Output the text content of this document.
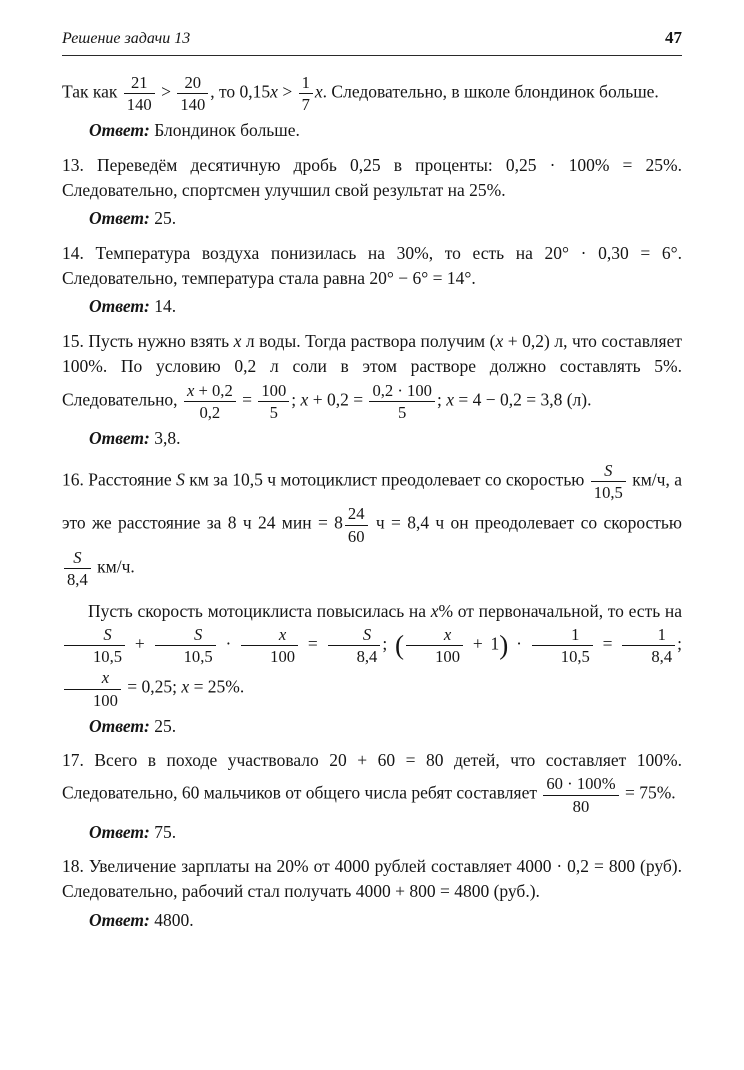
Решение задачи 13	47

Так как $\frac{21}{140} > \frac{20}{140}$ , то $0,15x > \frac{1}{7} x$. Следовательно, в школе блондинок больше.

Ответ: Блондинок больше.

13. Переведём десятичную дробь 0,25 в проценты: 0,25 · 100% = 25%. Следовательно, спортсмен улучшил свой результат на 25%.

Ответ: 25.

14. Температура воздуха понизилась на 30%, то есть на 20° · 0,30 = 6°. Следовательно, температура стала равна 20° − 6° = 14°.

Ответ: 14.

15. Пусть нужно взять x л воды. Тогда раствора получим (x + 0,2) л, что составляет 100%. По условию 0,2 л соли в этом растворе должно составлять 5%. Следовательно, $\frac{x + 0,2}{0,2} = \frac{100}{5}$ ; $x + 0,2 = \frac{0,2 \cdot 100}{5}$ ; x = 4 − 0,2 = 3,8 (л).

Ответ: 3,8.

16. Расстояние S км за 10,5 ч мотоциклист преодолевает со скоростью $\frac{S}{10,5} км/ч$, а это же расстояние за 8 ч 24 мин = $8 \frac{24}{60}$ ч = 8,4 ч он преодолевает со скоростью
$\frac{S}{8,4} км/ч$.

Пусть скорость мотоциклиста повысилась на x% от первоначальной, то есть на
$\frac{S}{10,5} + \frac{S}{10,5} \cdot \frac{x}{100} = \frac{S}{8,4}$ ; ( $\frac{x}{100} + 1) \cdot \frac{1}{10,5} = \frac{1}{8,4}$ ;
$\frac{x}{100} = 0,25$; x = 25%.

Ответ: 25.

17. Всего в походе участвовало 20 + 60 = 80 детей, что составляет 100%. Следовательно, 60 мальчиков от общего числа ребят составляет $\frac{60 \cdot 100\%}{80} = 75\%$.

Ответ: 75.

18. Увеличение зарплаты на 20% от 4000 рублей составляет 4000 · 0,2 = 800 (руб). Следовательно, рабочий стал получать 4000 + 800 = 4800 (руб.).

Ответ: 4800.
